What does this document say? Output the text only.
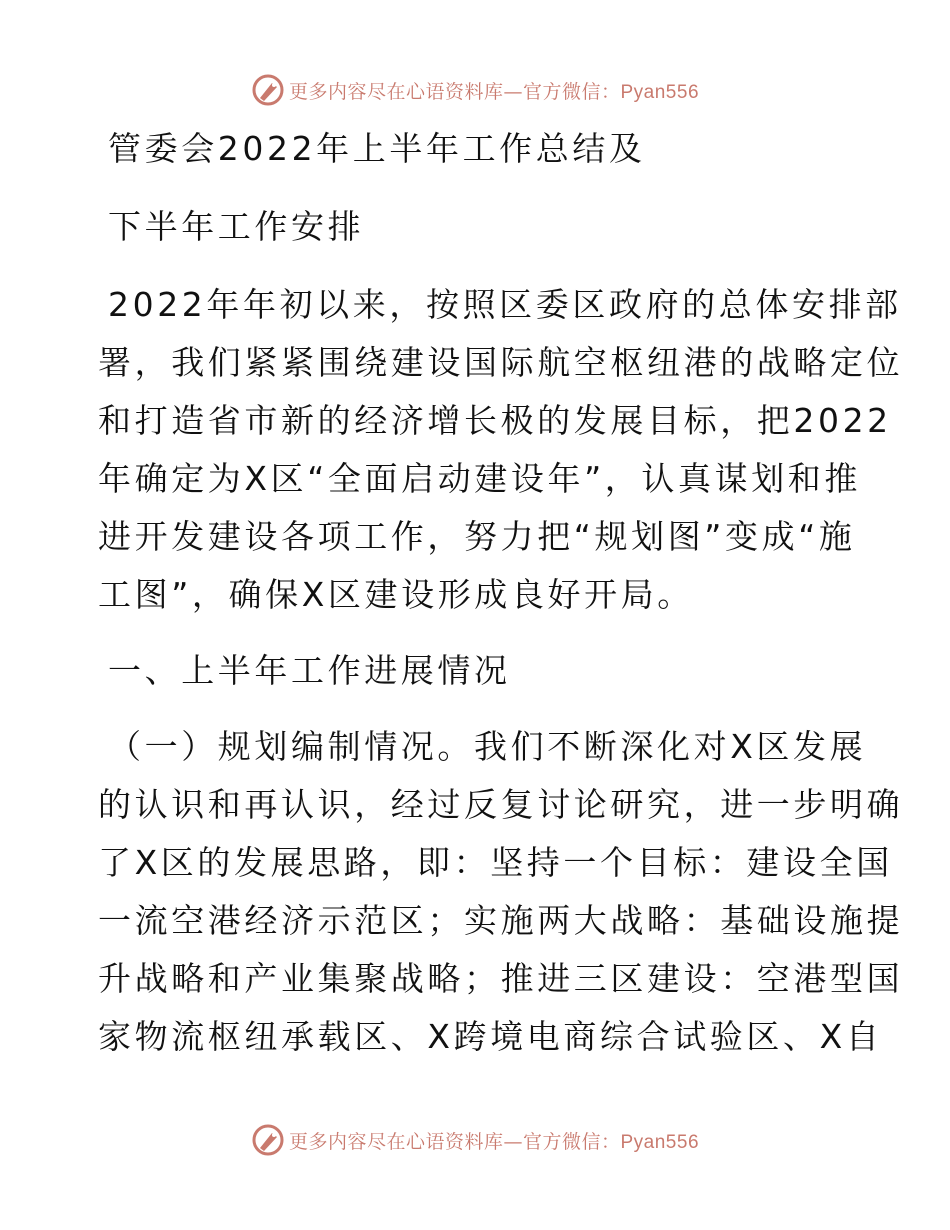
更多内容尽在心语资料库—官方微信：Pyan556
管委会2022年上半年工作总结及
下半年工作安排
2022年年初以来，按照区委区政府的总体安排部
署，我们紧紧围绕建设国际航空枢纽港的战略定位
和打造省市新的经济增长极的发展目标，把2022
年确定为X区“全面启动建设年”，认真谋划和推
进开发建设各项工作，努力把“规划图”变成“施
工图”，确保X区建设形成良好开局。
一、上半年工作进展情况
（一）规划编制情况。我们不断深化对X区发展
的认识和再认识，经过反复讨论研究，进一步明确
了X区的发展思路，即：坚持一个目标：建设全国
一流空港经济示范区；实施两大战略：基础设施提
升战略和产业集聚战略；推进三区建设：空港型国
家物流枢纽承载区、X跨境电商综合试验区、X自
更多内容尽在心语资料库—官方微信：Pyan556
